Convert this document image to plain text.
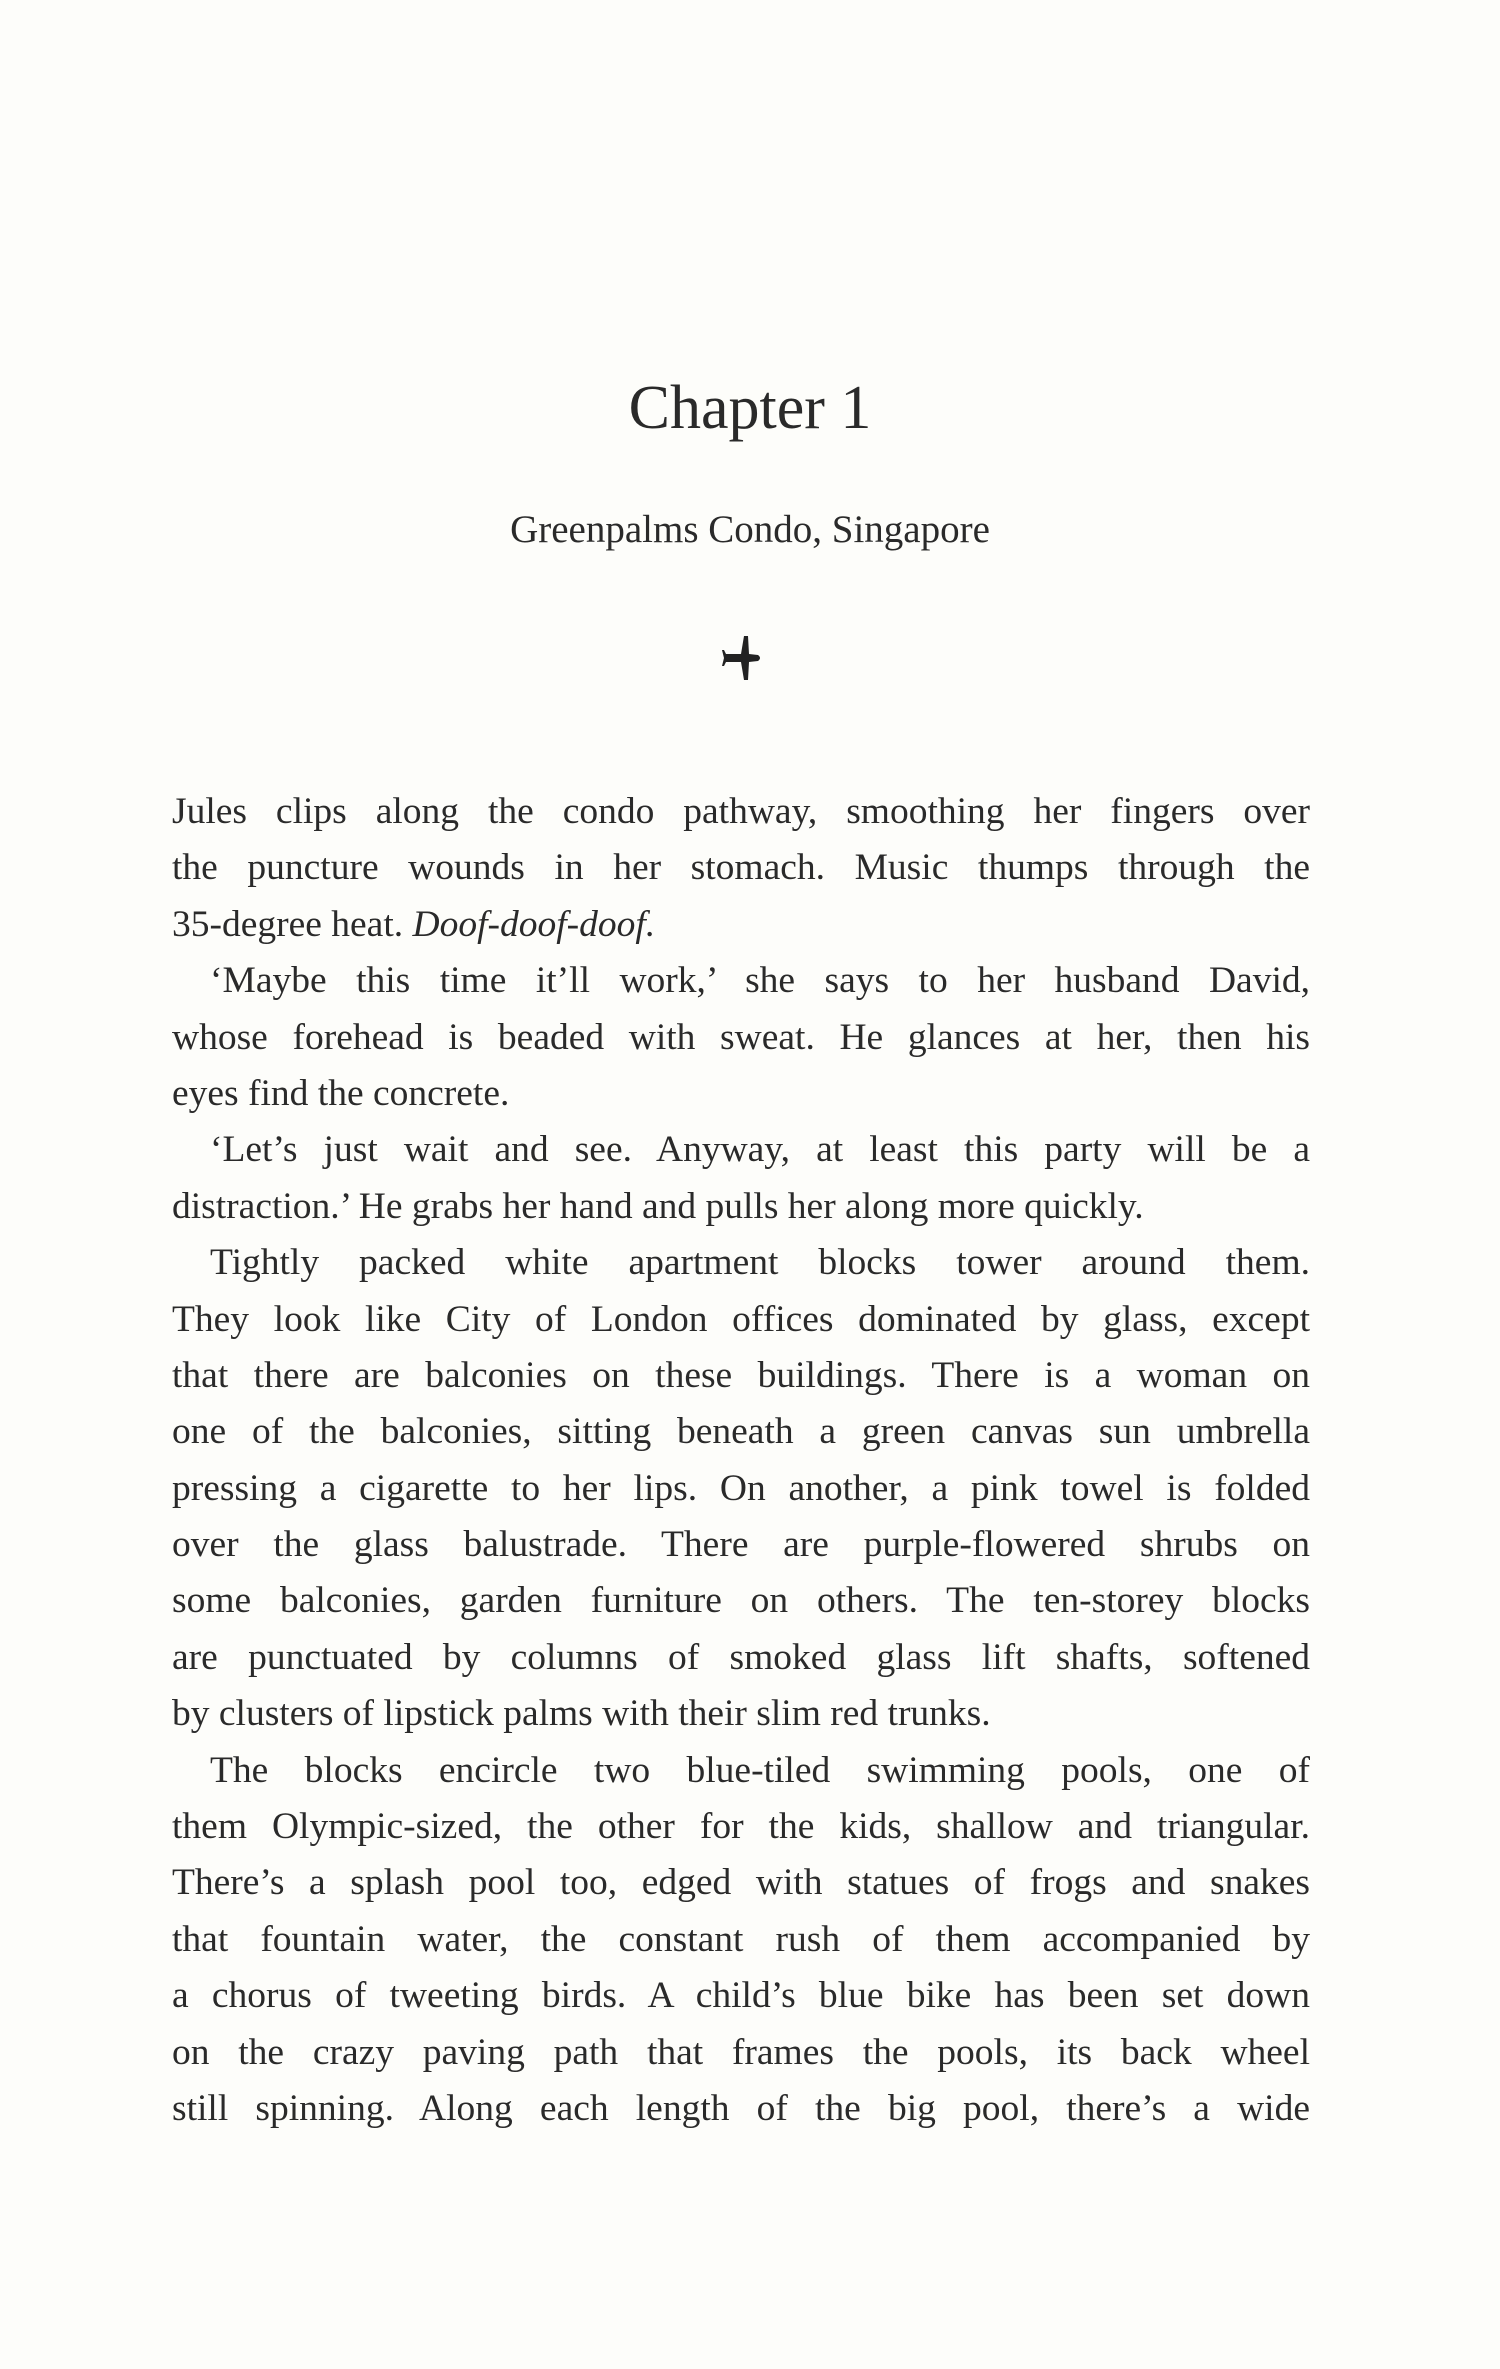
Chapter 1
Greenpalms Condo, Singapore
Jules clips along the condo pathway, smoothing her fingers over
the puncture wounds in her stomach. Music thumps through the
35-degree heat. Doof-doof-doof.
‘Maybe this time it’ll work,’ she says to her husband David,
whose forehead is beaded with sweat. He glances at her, then his
eyes find the concrete.
‘Let’s just wait and see. Anyway, at least this party will be a
distraction.’ He grabs her hand and pulls her along more quickly.
Tightly packed white apartment blocks tower around them.
They look like City of London offices dominated by glass, except
that there are balconies on these buildings. There is a woman on
one of the balconies, sitting beneath a green canvas sun umbrella
pressing a cigarette to her lips. On another, a pink towel is folded
over the glass balustrade. There are purple-flowered shrubs on
some balconies, garden furniture on others. The ten-storey blocks
are punctuated by columns of smoked glass lift shafts, softened
by clusters of lipstick palms with their slim red trunks.
The blocks encircle two blue-tiled swimming pools, one of
them Olympic-sized, the other for the kids, shallow and triangular.
There’s a splash pool too, edged with statues of frogs and snakes
that fountain water, the constant rush of them accompanied by
a chorus of tweeting birds. A child’s blue bike has been set down
on the crazy paving path that frames the pools, its back wheel
still spinning. Along each length of the big pool, there’s a wide
